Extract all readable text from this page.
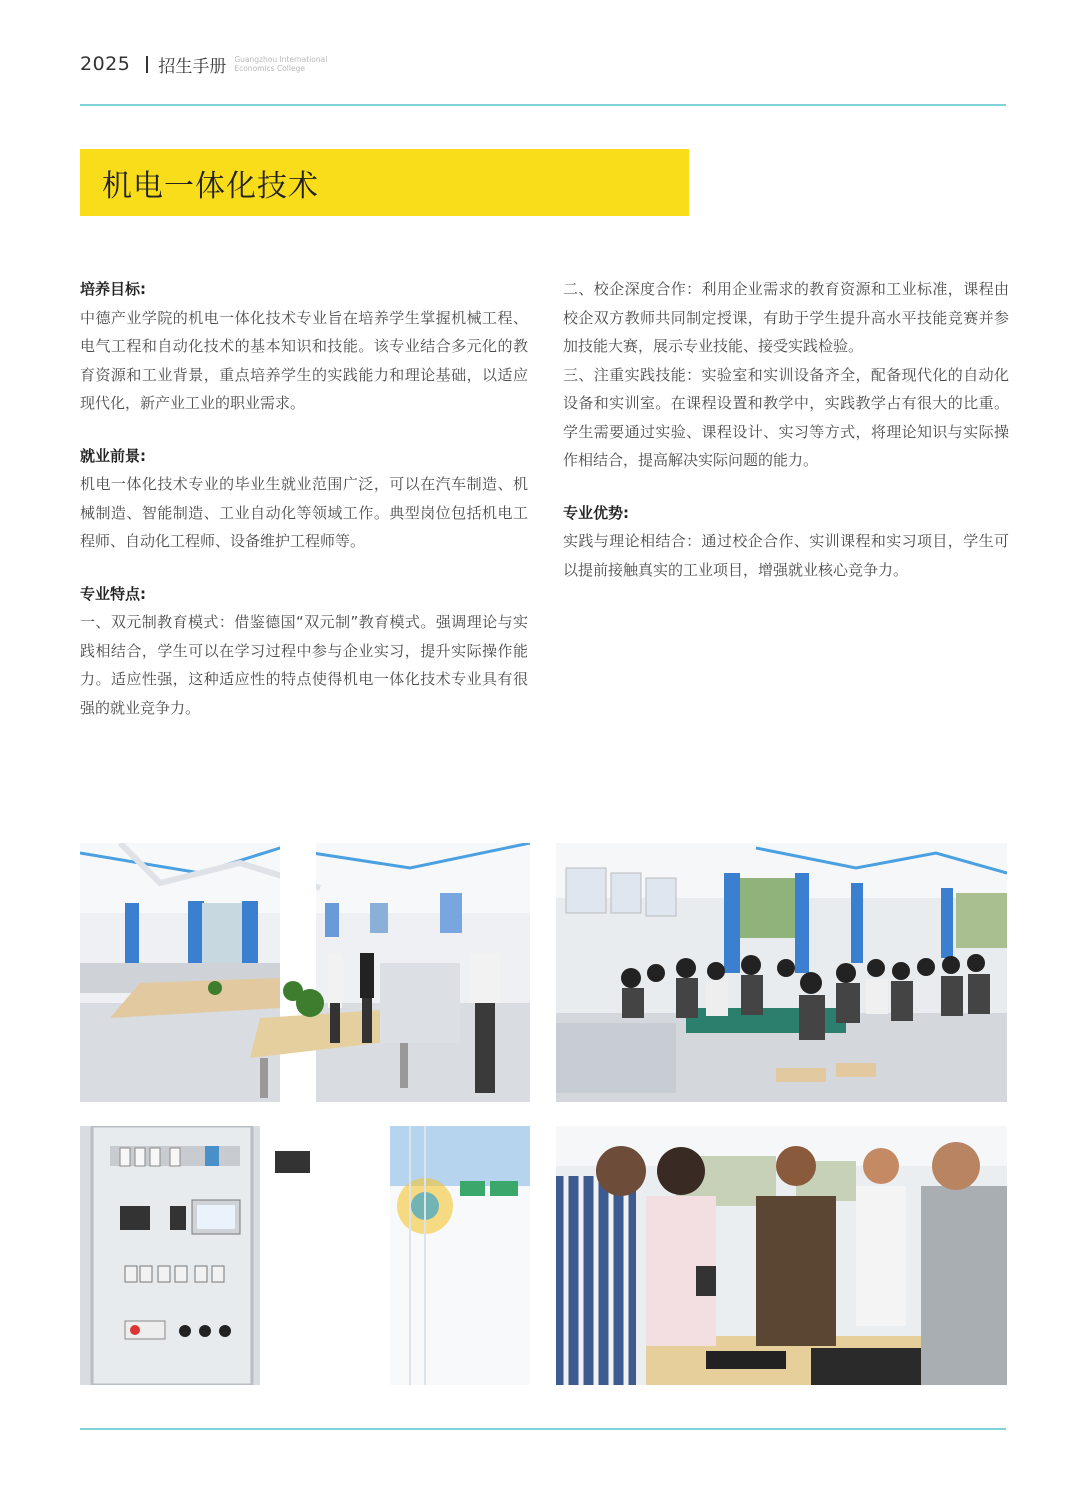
2025 招生手册 Guangzhou International
Economics College
机电一体化技术
培养目标:

中德产业学院的机电一体化技术专业旨在培养学生掌握机械工程、电气工程和自动化技术的基本知识和技能。该专业结合多元化的教育资源和工业背景，重点培养学生的实践能力和理论基础，以适应现代化，新产业工业的职业需求。

就业前景:

机电一体化技术专业的毕业生就业范围广泛，可以在汽车制造、机械制造、智能制造、工业自动化等领域工作。典型岗位包括机电工程师、自动化工程师、设备维护工程师等。

专业特点:

一、双元制教育模式：借鉴德国“双元制”教育模式。强调理论与实践相结合，学生可以在学习过程中参与企业实习，提升实际操作能力。适应性强，这种适应性的特点使得机电一体化技术专业具有很强的就业竞争力。

二、校企深度合作：利用企业需求的教育资源和工业标准，课程由校企双方教师共同制定授课，有助于学生提升高水平技能竞赛并参加技能大赛，展示专业技能、接受实践检验。

三、注重实践技能：实验室和实训设备齐全，配备现代化的自动化设备和实训室。在课程设置和教学中，实践教学占有很大的比重。学生需要通过实验、课程设计、实习等方式，将理论知识与实际操作相结合，提高解决实际问题的能力。

专业优势:

实践与理论相结合：通过校企合作、实训课程和实习项目，学生可以提前接触真实的工业项目，增强就业核心竞争力。
